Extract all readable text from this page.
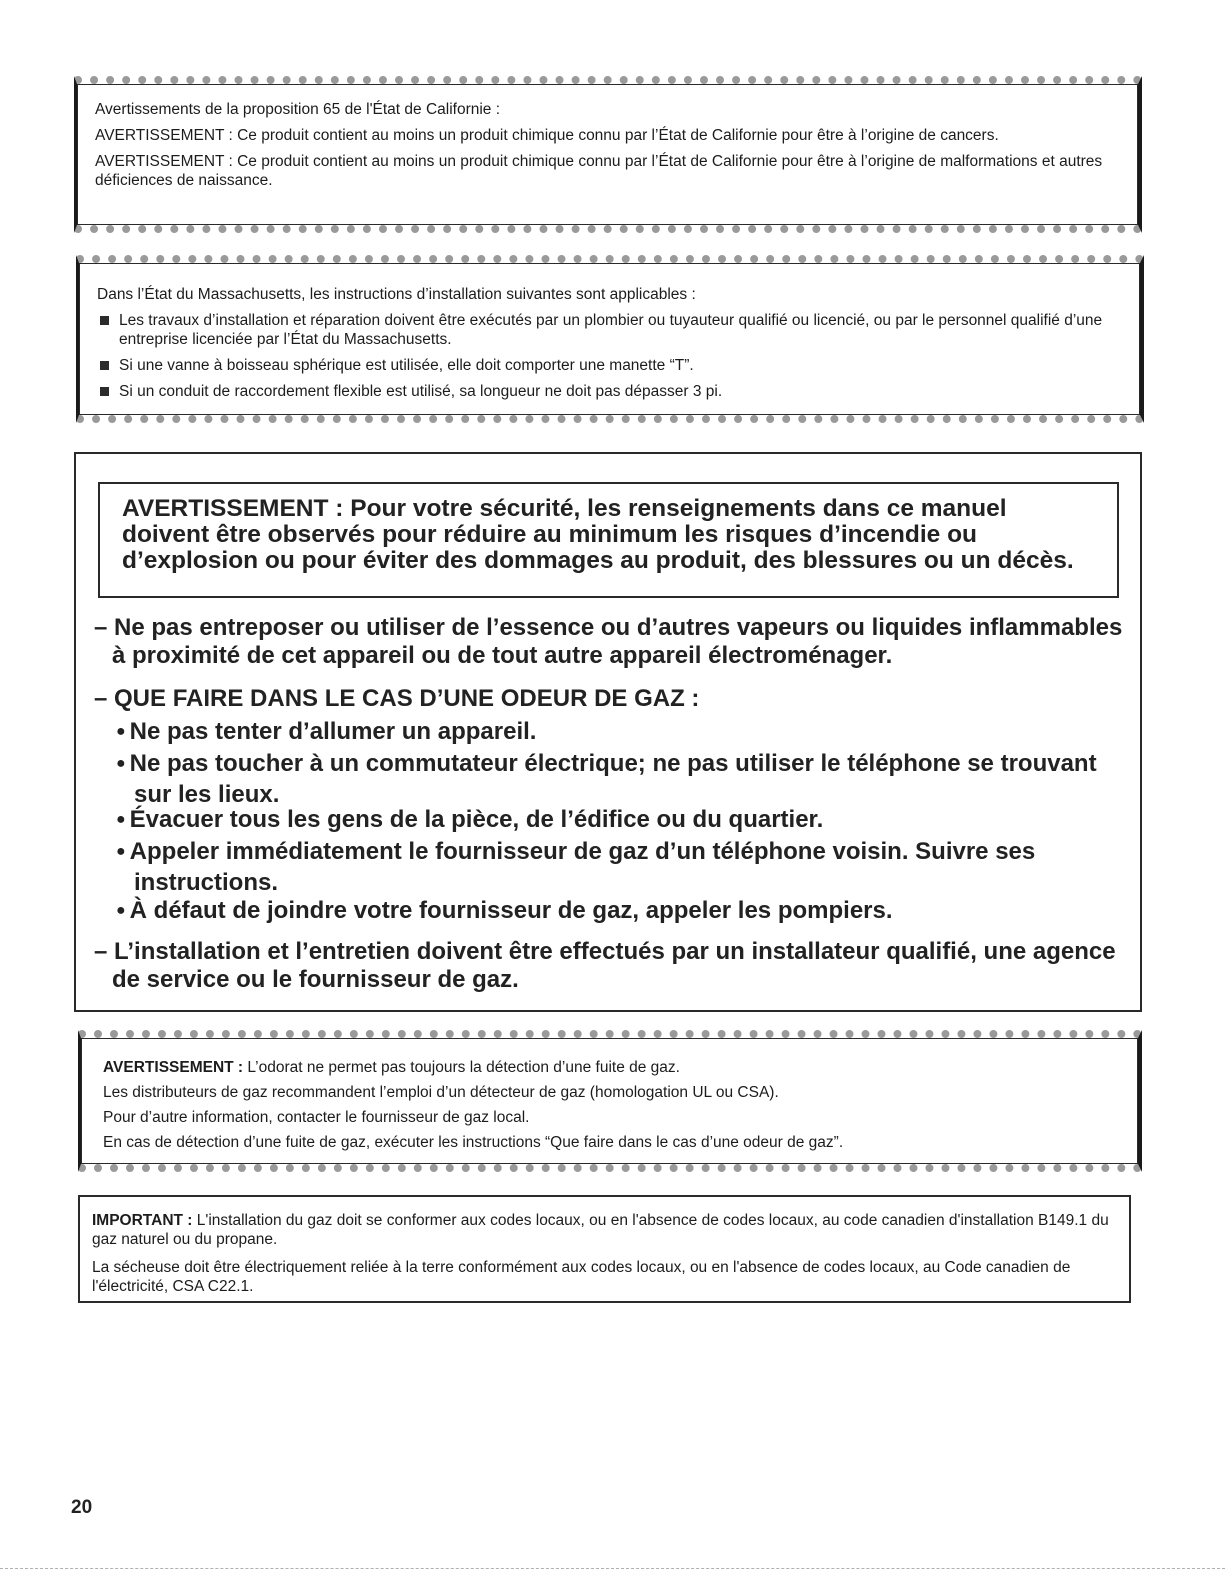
Avertissements de la proposition 65 de l'État de Californie :

AVERTISSEMENT : Ce produit contient au moins un produit chimique connu par l’État de Californie pour être à l’origine de cancers.

AVERTISSEMENT : Ce produit contient au moins un produit chimique connu par l’État de Californie pour être à l’origine de malformations et autres déficiences de naissance.

Dans l’État du Massachusetts, les instructions d’installation suivantes sont applicables :

Les travaux d’installation et réparation doivent être exécutés par un plombier ou tuyauteur qualifié ou licencié, ou par le personnel qualifié d’une entreprise licenciée par l’État du Massachusetts.

Si une vanne à boisseau sphérique est utilisée, elle doit comporter une manette “T”.

Si un conduit de raccordement flexible est utilisé, sa longueur ne doit pas dépasser 3 pi.

AVERTISSEMENT : Pour votre sécurité, les renseignements dans ce manuel doivent être observés pour réduire au minimum les risques d’incendie ou d’explosion ou pour éviter des dommages au produit, des blessures ou un décès.

– Ne pas entreposer ou utiliser de l’essence ou d’autres vapeurs ou liquides inflammables à proximité de cet appareil ou de tout autre appareil électroménager.

– QUE FAIRE DANS LE CAS D’UNE ODEUR DE GAZ :

● Ne pas tenter d’allumer un appareil.

● Ne pas toucher à un commutateur électrique; ne pas utiliser le téléphone se trouvant sur les lieux.

● Évacuer tous les gens de la pièce, de l’édifice ou du quartier.

● Appeler immédiatement le fournisseur de gaz d’un téléphone voisin. Suivre ses instructions.

● À défaut de joindre votre fournisseur de gaz, appeler les pompiers.

– L’installation et l’entretien doivent être effectués par un installateur qualifié, une agence de service ou le fournisseur de gaz.

AVERTISSEMENT : L’odorat ne permet pas toujours la détection d’une fuite de gaz.

Les distributeurs de gaz recommandent l’emploi d’un détecteur de gaz (homologation UL ou CSA).

Pour d’autre information, contacter le fournisseur de gaz local.

En cas de détection d’une fuite de gaz, exécuter les instructions “Que faire dans le cas d’une odeur de gaz”.

IMPORTANT : L'installation du gaz doit se conformer aux codes locaux, ou en l'absence de codes locaux, au code canadien d'installation B149.1 du gaz naturel ou du propane.

La sécheuse doit être électriquement reliée à la terre conformément aux codes locaux, ou en l'absence de codes locaux, au Code canadien de l'électricité, CSA C22.1.

20
